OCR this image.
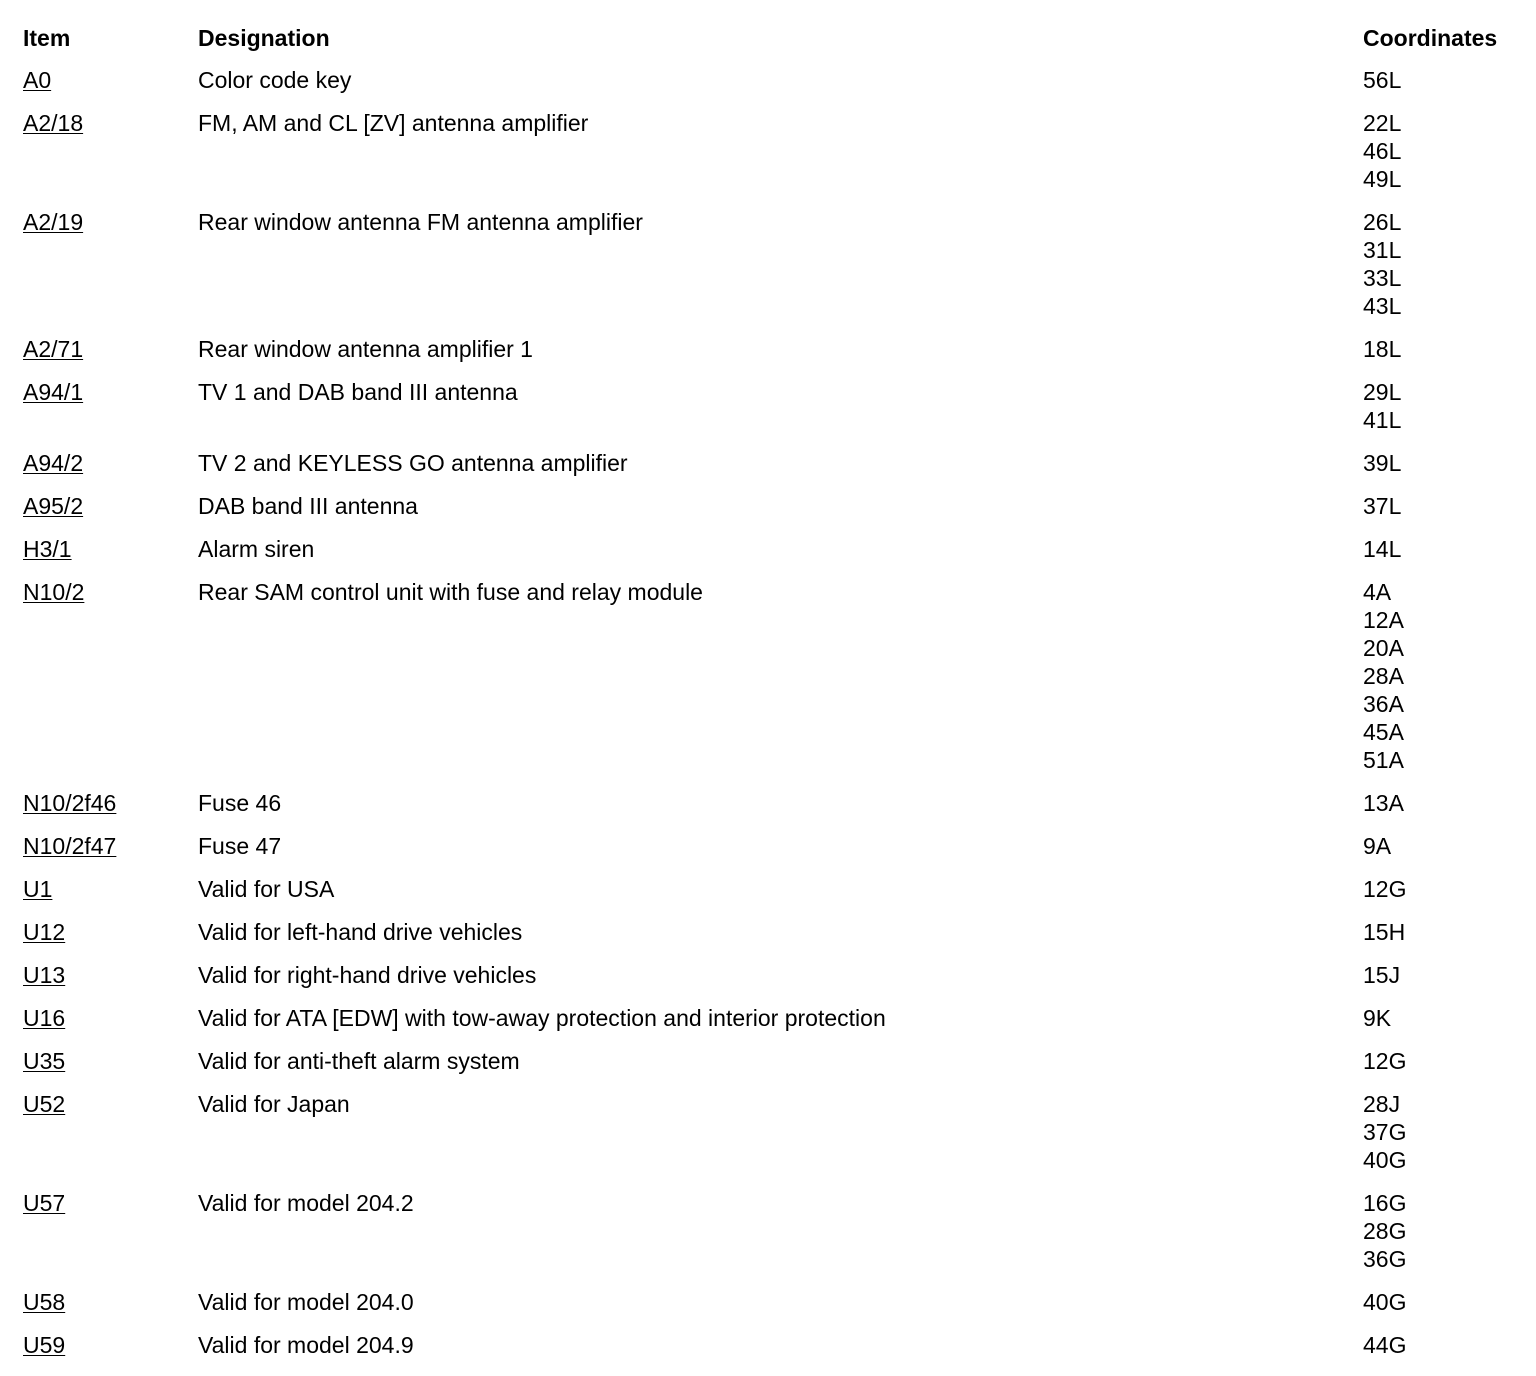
Item	Designation	Coordinates
A0	Color code key	56L
A2/18	FM, AM and CL [ZV] antenna amplifier	22L
46L
49L
A2/19	Rear window antenna FM antenna amplifier	26L
31L
33L
43L
A2/71	Rear window antenna amplifier 1	18L
A94/1	TV 1 and DAB band III antenna	29L
41L
A94/2	TV 2 and KEYLESS GO antenna amplifier	39L
A95/2	DAB band III antenna	37L
H3/1	Alarm siren	14L
N10/2	Rear SAM control unit with fuse and relay module	4A
12A
20A
28A
36A
45A
51A
N10/2f46	Fuse 46	13A
N10/2f47	Fuse 47	9A
U1	Valid for USA	12G
U12	Valid for left-hand drive vehicles	15H
U13	Valid for right-hand drive vehicles	15J
U16	Valid for ATA [EDW] with tow-away protection and interior protection	9K
U35	Valid for anti-theft alarm system	12G
U52	Valid for Japan	28J
37G
40G
U57	Valid for model 204.2	16G
28G
36G
U58	Valid for model 204.0	40G
U59	Valid for model 204.9	44G
